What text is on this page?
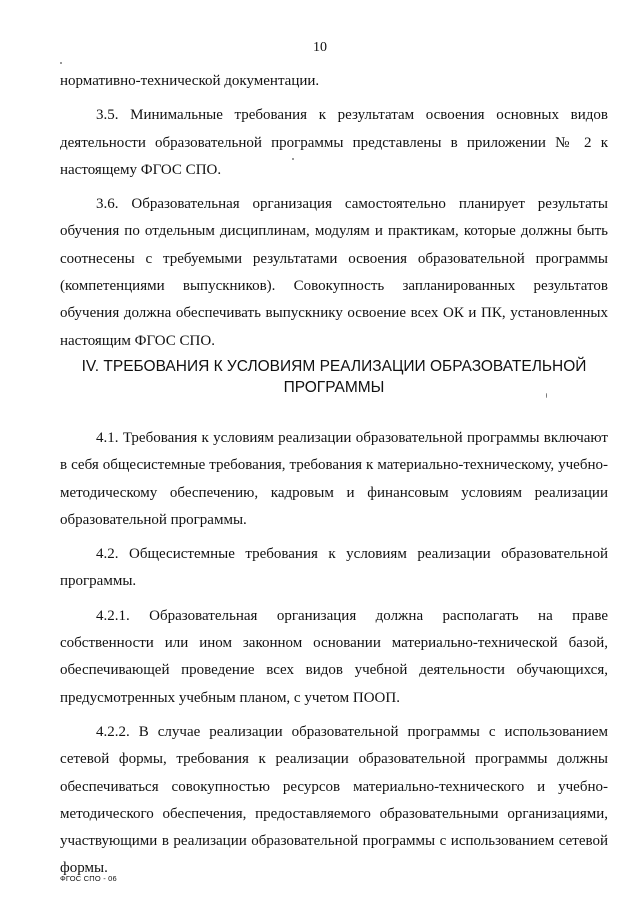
10

нормативно-технической документации.

3.5. Минимальные требования к результатам освоения основных видов деятельности образовательной программы представлены в приложении № 2 к настоящему ФГОС СПО.

3.6. Образовательная организация самостоятельно планирует результаты обучения по отдельным дисциплинам, модулям и практикам, которые должны быть соотнесены с требуемыми результатами освоения образовательной программы (компетенциями выпускников). Совокупность запланированных результатов обучения должна обеспечивать выпускнику освоение всех ОК и ПК, установленных настоящим ФГОС СПО.

IV. ТРЕБОВАНИЯ К УСЛОВИЯМ РЕАЛИЗАЦИИ ОБРАЗОВАТЕЛЬНОЙ
ПРОГРАММЫ

4.1. Требования к условиям реализации образовательной программы включают в себя общесистемные требования, требования к материально-техническому, учебно-методическому обеспечению, кадровым и финансовым условиям реализации образовательной программы.

4.2. Общесистемные требования к условиям реализации образовательной программы.

4.2.1. Образовательная организация должна располагать на праве собственности или ином законном основании материально-технической базой, обеспечивающей проведение всех видов учебной деятельности обучающихся, предусмотренных учебным планом, с учетом ПООП.

4.2.2. В случае реализации образовательной программы с использованием сетевой формы, требования к реализации образовательной программы должны обеспечиваться совокупностью ресурсов материально-технического и учебно-методического обеспечения, предоставляемого образовательными организациями, участвующими в реализации образовательной программы с использованием сетевой формы.

ФГОС СПО - 06
